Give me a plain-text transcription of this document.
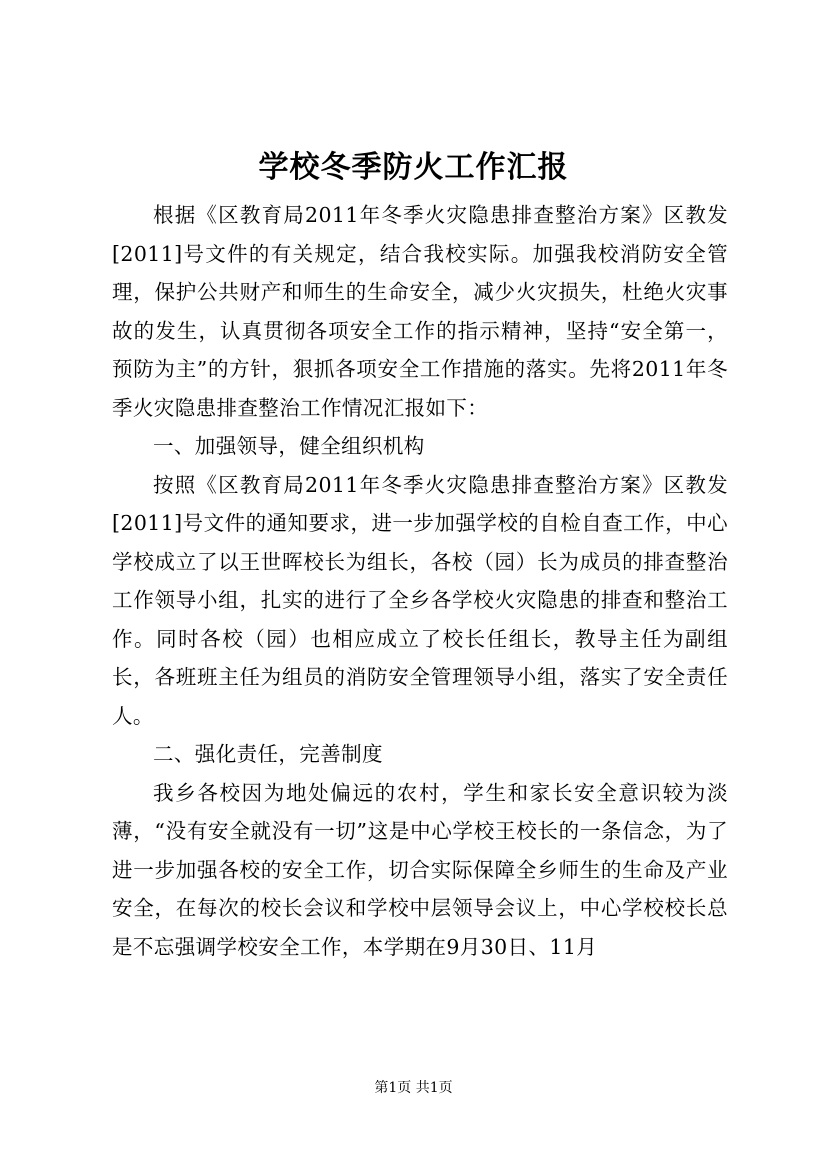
学校冬季防火工作汇报

根据《区教育局2011年冬季火灾隐患排查整治方案》区教发[2011]号文件的有关规定，结合我校实际。加强我校消防安全管理，保护公共财产和师生的生命安全，减少火灾损失，杜绝火灾事故的发生，认真贯彻各项安全工作的指示精神，坚持“安全第一，预防为主”的方针，狠抓各项安全工作措施的落实。先将2011年冬季火灾隐患排查整治工作情况汇报如下：

一、加强领导，健全组织机构

按照《区教育局2011年冬季火灾隐患排查整治方案》区教发[2011]号文件的通知要求，进一步加强学校的自检自查工作，中心学校成立了以王世晖校长为组长，各校（园）长为成员的排查整治工作领导小组，扎实的进行了全乡各学校火灾隐患的排查和整治工作。同时各校（园）也相应成立了校长任组长，教导主任为副组长，各班班主任为组员的消防安全管理领导小组，落实了安全责任人。

二、强化责任，完善制度

我乡各校因为地处偏远的农村，学生和家长安全意识较为淡薄，“没有安全就没有一切”这是中心学校王校长的一条信念，为了进一步加强各校的安全工作，切合实际保障全乡师生的生命及产业安全，在每次的校长会议和学校中层领导会议上，中心学校校长总是不忘强调学校安全工作，本学期在9月30日、11月

第1页 共1页
